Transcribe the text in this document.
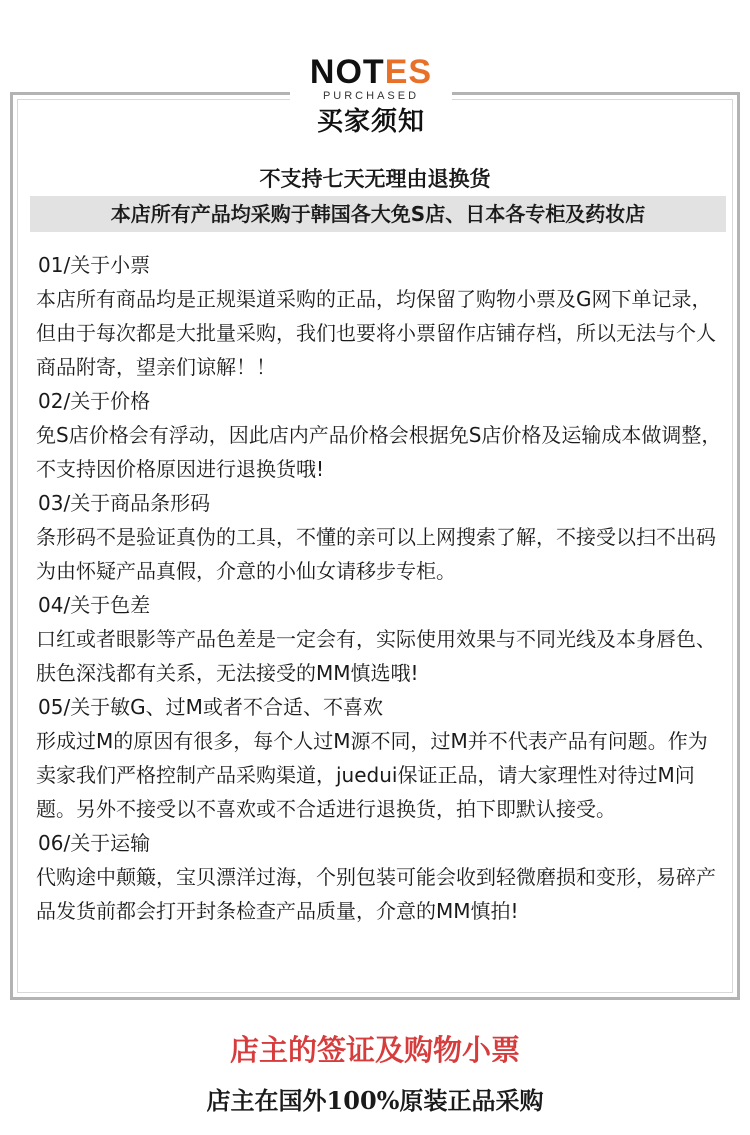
NOTES
PURCHASED
买家须知
不支持七天无理由退换货
本店所有产品均采购于韩国各大免S店、日本各专柜及药妆店
01/关于小票
本店所有商品均是正规渠道采购的正品，均保留了购物小票及G网下单记录，但由于每次都是大批量采购，我们也要将小票留作店铺存档，所以无法与个人商品附寄，望亲们谅解！！
02/关于价格
免S店价格会有浮动，因此店内产品价格会根据免S店价格及运输成本做调整，不支持因价格原因进行退换货哦!
03/关于商品条形码
条形码不是验证真伪的工具，不懂的亲可以上网搜索了解，不接受以扫不出码为由怀疑产品真假，介意的小仙女请移步专柜。
04/关于色差
口红或者眼影等产品色差是一定会有，实际使用效果与不同光线及本身唇色、肤色深浅都有关系，无法接受的MM慎选哦!
05/关于敏G、过M或者不合适、不喜欢
形成过M的原因有很多，每个人过M源不同，过M并不代表产品有问题。作为卖家我们严格控制产品采购渠道，juedui保证正品，请大家理性对待过M问题。另外不接受以不喜欢或不合适进行退换货，拍下即默认接受。
06/关于运输
代购途中颠簸，宝贝漂洋过海，个别包装可能会收到轻微磨损和变形，易碎产品发货前都会打开封条检查产品质量，介意的MM慎拍!
店主的签证及购物小票
店主在国外100%原装正品采购
